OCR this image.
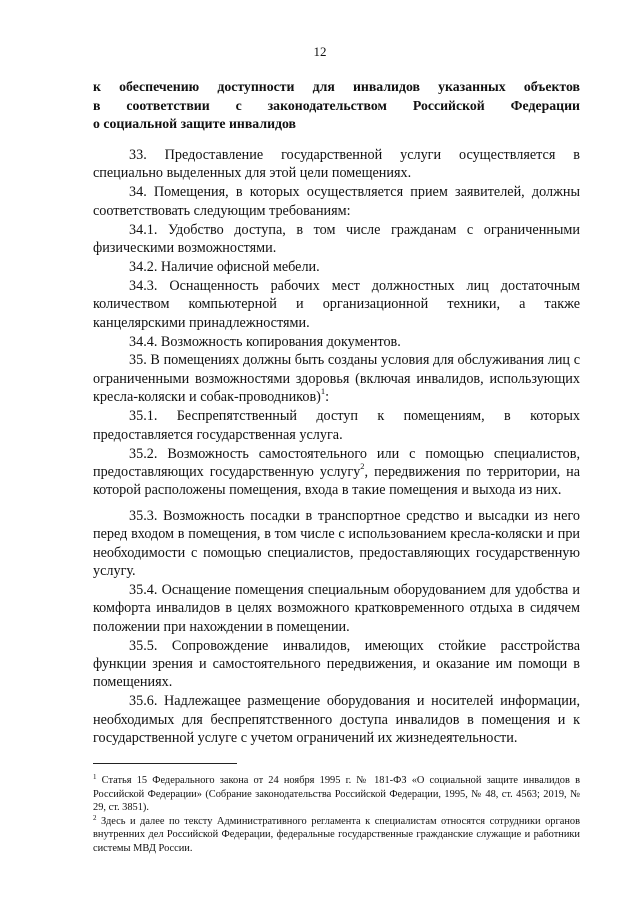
12
к обеспечению доступности для инвалидов указанных объектов
в соответствии с законодательством Российской Федерации
о социальной защите инвалидов

33. Предоставление государственной услуги осуществляется в специально выделенных для этой цели помещениях.

34. Помещения, в которых осуществляется прием заявителей, должны соответствовать следующим требованиям:

34.1. Удобство доступа, в том числе гражданам с ограниченными физическими возможностями.

34.2. Наличие офисной мебели.

34.3. Оснащенность рабочих мест должностных лиц достаточным количеством компьютерной и организационной техники, а также канцелярскими принадлежностями.

34.4. Возможность копирования документов.

35. В помещениях должны быть созданы условия для обслуживания лиц с ограниченными возможностями здоровья (включая инвалидов, использующих кресла-коляски и собак-проводников)$^1$:

35.1. Беспрепятственный доступ к помещениям, в которых предоставляется государственная услуга.

35.2. Возможность самостоятельного или с помощью специалистов, предоставляющих государственную услугу$^2$, передвижения по территории, на которой расположены помещения, входа в такие помещения и выхода из них.

35.3. Возможность посадки в транспортное средство и высадки из него перед входом в помещения, в том числе с использованием кресла-коляски и при необходимости с помощью специалистов, предоставляющих государственную услугу.

35.4. Оснащение помещения специальным оборудованием для удобства и комфорта инвалидов в целях возможного кратковременного отдыха в сидячем положении при нахождении в помещении.

35.5. Сопровождение инвалидов, имеющих стойкие расстройства функции зрения и самостоятельного передвижения, и оказание им помощи в помещениях.

35.6. Надлежащее размещение оборудования и носителей информации, необходимых для беспрепятственного доступа инвалидов в помещения и к государственной услуге с учетом ограничений их жизнедеятельности.

$^1$ Статья 15 Федерального закона от 24 ноября 1995 г. № 181-ФЗ «О социальной защите инвалидов в Российской Федерации» (Собрание законодательства Российской Федерации, 1995, № 48, ст. 4563; 2019, № 29, ст. 3851).

$^2$ Здесь и далее по тексту Административного регламента к специалистам относятся сотрудники органов внутренних дел Российской Федерации, федеральные государственные гражданские служащие и работники системы МВД России.
